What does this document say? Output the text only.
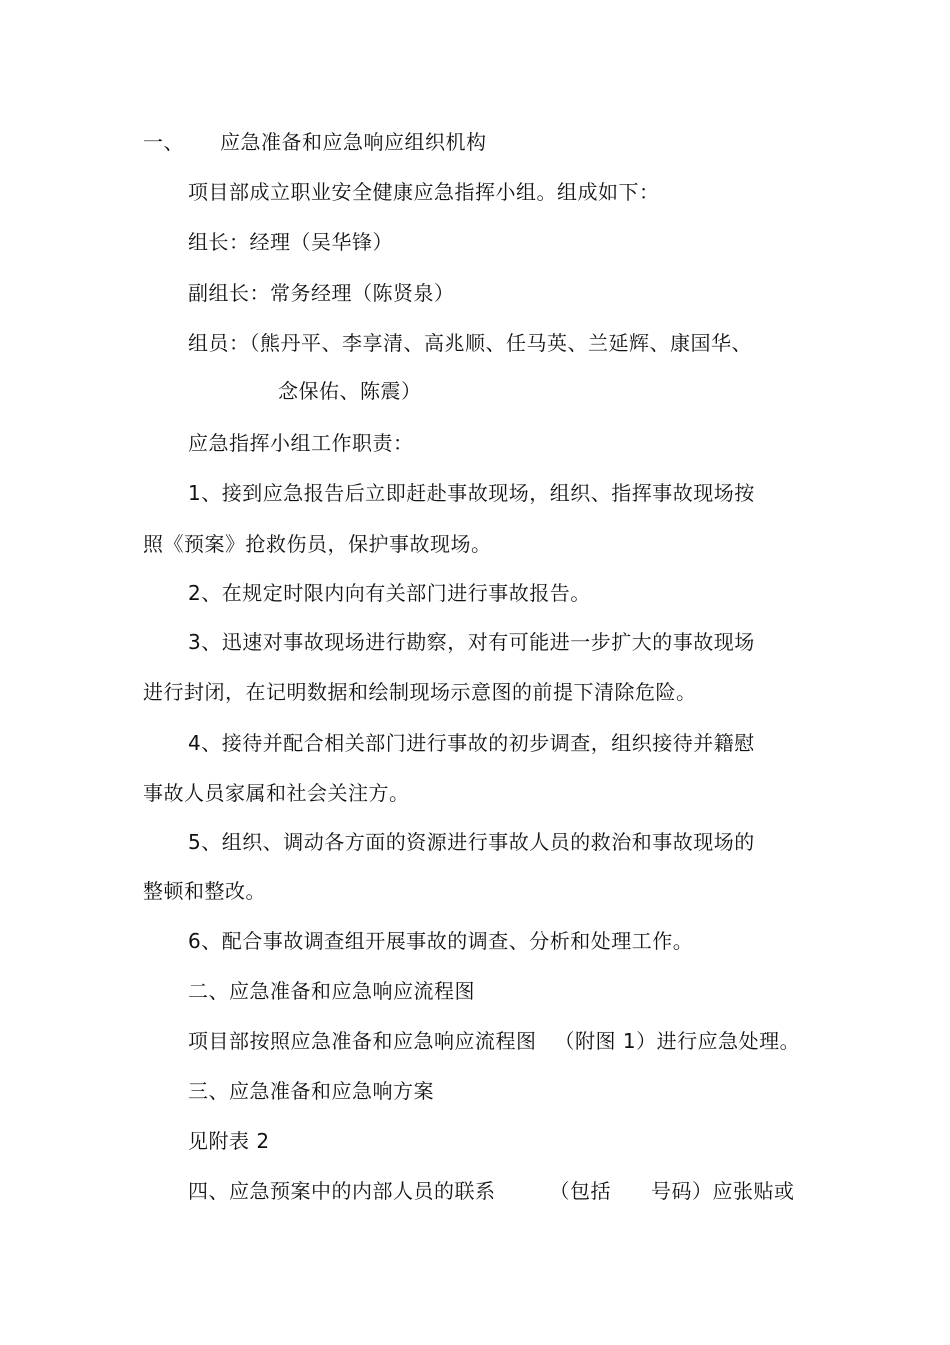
一、 应急准备和应急响应组织机构
项目部成立职业安全健康应急指挥小组。组成如下：
组长：经理（吴华锋）
副组长：常务经理（陈贤泉）
组员：（熊丹平、李享清、高兆顺、任马英、兰延辉、康国华、
念保佑、陈震）
应急指挥小组工作职责：
1、接到应急报告后立即赶赴事故现场，组织、指挥事故现场按
照《预案》抢救伤员，保护事故现场。
2、在规定时限内向有关部门进行事故报告。
3、迅速对事故现场进行勘察，对有可能进一步扩大的事故现场
进行封闭，在记明数据和绘制现场示意图的前提下清除危险。
4、接待并配合相关部门进行事故的初步调查，组织接待并籍慰
事故人员家属和社会关注方。
5、组织、调动各方面的资源进行事故人员的救治和事故现场的
整顿和整改。
6、配合事故调查组开展事故的调查、分析和处理工作。
二、应急准备和应急响应流程图
项目部按照应急准备和应急响应流程图 （附图 1）进行应急处理。
三、应急准备和应急响方案
见附表 2
四、应急预案中的内部人员的联系	（包括 号码）应张贴或
